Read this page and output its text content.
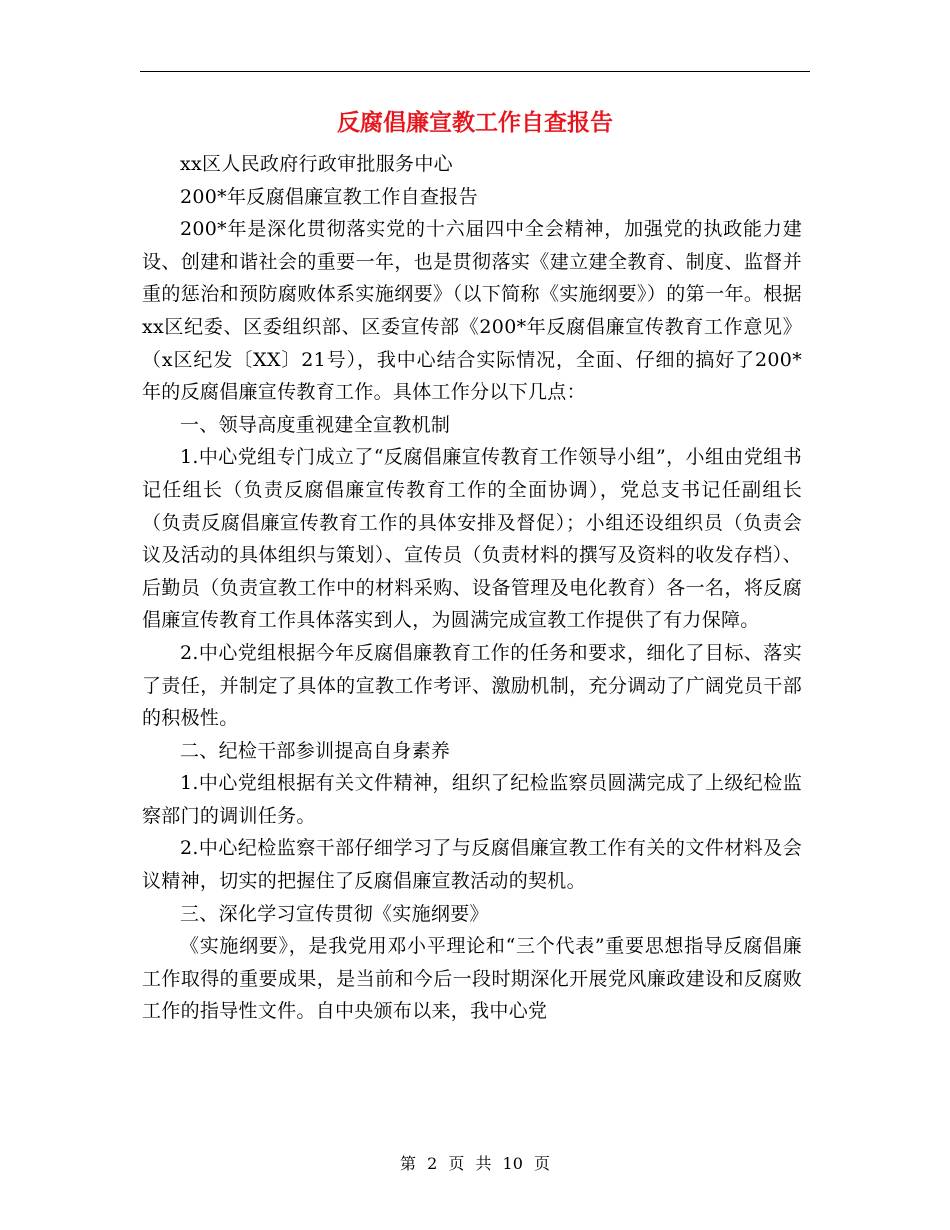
反腐倡廉宣教工作自查报告

xx区人民政府行政审批服务中心

200*年反腐倡廉宣教工作自查报告

200*年是深化贯彻落实党的十六届四中全会精神，加强党的执政能力建设、创建和谐社会的重要一年，也是贯彻落实《建立建全教育、制度、监督并重的惩治和预防腐败体系实施纲要》（以下简称《实施纲要》）的第一年。根据xx区纪委、区委组织部、区委宣传部《200*年反腐倡廉宣传教育工作意见》（x区纪发〔XX〕21号），我中心结合实际情况，全面、仔细的搞好了200*年的反腐倡廉宣传教育工作。具体工作分以下几点：

一、领导高度重视建全宣教机制

1.中心党组专门成立了“反腐倡廉宣传教育工作领导小组”，小组由党组书记任组长（负责反腐倡廉宣传教育工作的全面协调），党总支书记任副组长（负责反腐倡廉宣传教育工作的具体安排及督促）；小组还设组织员（负责会议及活动的具体组织与策划）、宣传员（负责材料的撰写及资料的收发存档）、后勤员（负责宣教工作中的材料采购、设备管理及电化教育）各一名，将反腐倡廉宣传教育工作具体落实到人，为圆满完成宣教工作提供了有力保障。

2.中心党组根据今年反腐倡廉教育工作的任务和要求，细化了目标、落实了责任，并制定了具体的宣教工作考评、激励机制，充分调动了广阔党员干部的积极性。

二、纪检干部参训提高自身素养

1.中心党组根据有关文件精神，组织了纪检监察员圆满完成了上级纪检监察部门的调训任务。

2.中心纪检监察干部仔细学习了与反腐倡廉宣教工作有关的文件材料及会议精神，切实的把握住了反腐倡廉宣教活动的契机。

三、深化学习宣传贯彻《实施纲要》

《实施纲要》，是我党用邓小平理论和“三个代表”重要思想指导反腐倡廉工作取得的重要成果，是当前和今后一段时期深化开展党风廉政建设和反腐败工作的指导性文件。自中央颁布以来，我中心党

第 2 页 共 10 页
